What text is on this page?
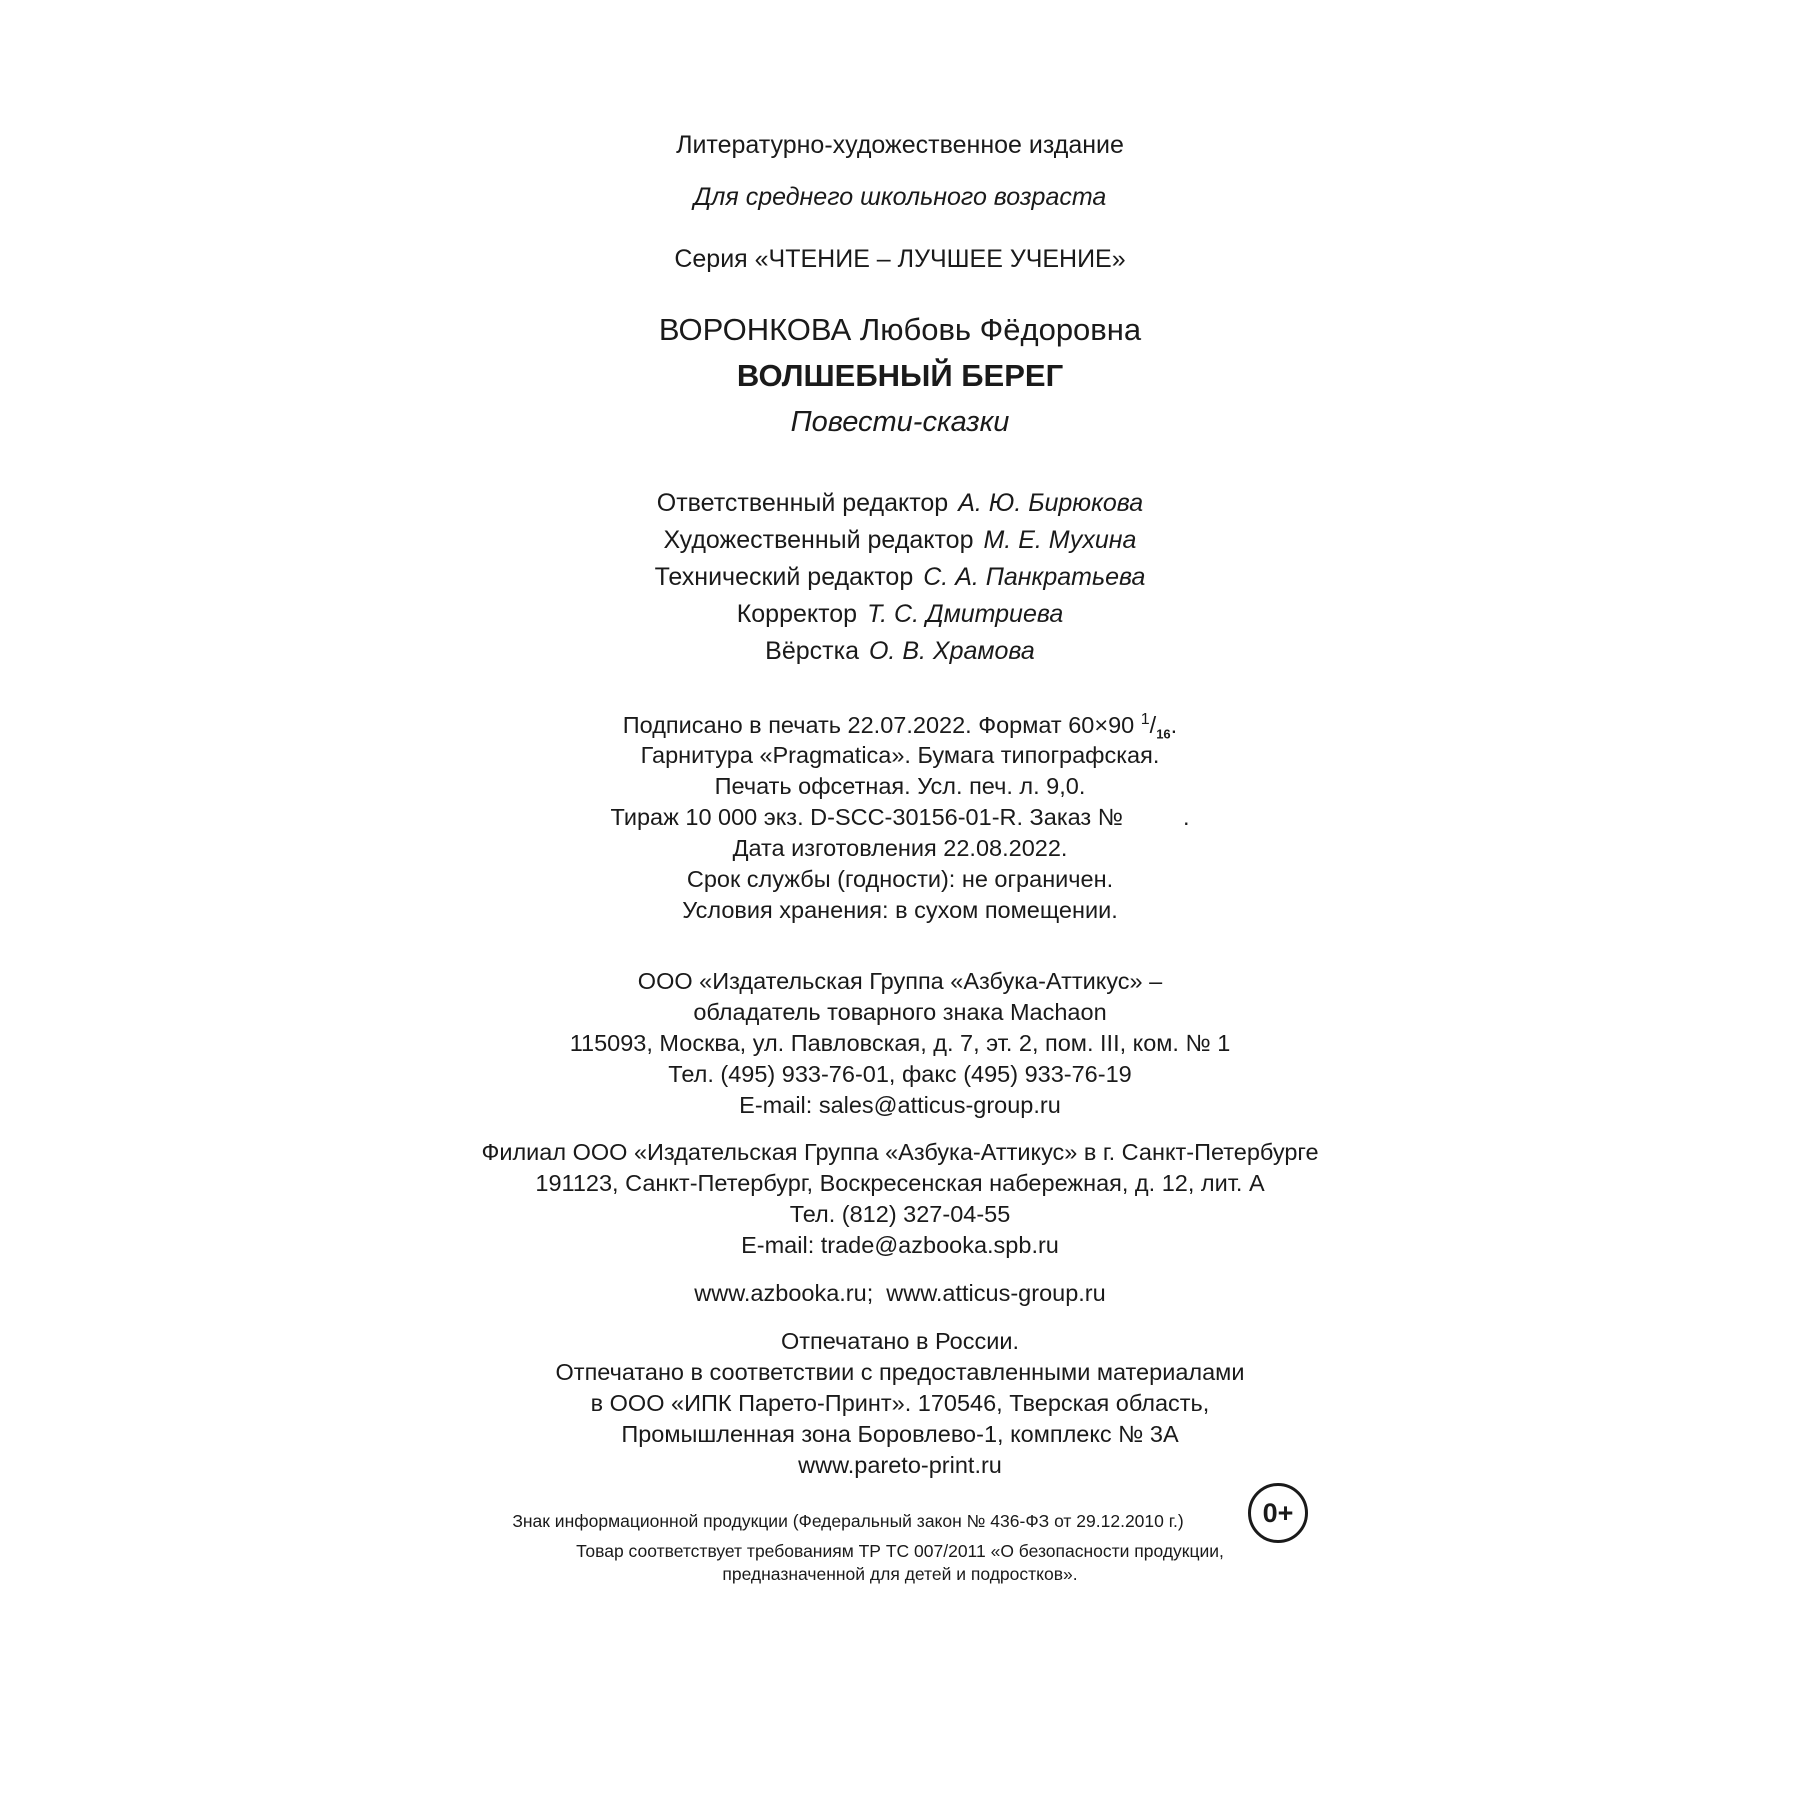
Литературно-художественное издание
Для среднего школьного возраста
Серия «ЧТЕНИЕ – ЛУЧШЕЕ УЧЕНИЕ»
ВОРОНКОВА Любовь Фёдоровна
ВОЛШЕБНЫЙ БЕРЕГ
Повести-сказки
Ответственный редактор А. Ю. Бирюкова
Художественный редактор М. Е. Мухина
Технический редактор С. А. Панкратьева
Корректор Т. С. Дмитриева
Вёрстка О. В. Храмова
Подписано в печать 22.07.2022. Формат 60×90 $^1/_{16}$.
Гарнитура «Pragmatica». Бумага типографская.
Печать офсетная. Усл. печ. л. 9,0.
Тираж 10 000 экз. D-SCC-30156-01-R. Заказ №	.
Дата изготовления 22.08.2022.
Срок службы (годности): не ограничен.
Условия хранения: в сухом помещении.
ООО «Издательская Группа «Азбука-Аттикус» –
обладатель товарного знака Machaon
115093, Москва, ул. Павловская, д. 7, эт. 2, пом. III, ком. № 1
Тел. (495) 933-76-01, факс (495) 933-76-19
E-mail: sales@atticus-group.ru
Филиал ООО «Издательская Группа «Азбука-Аттикус» в г. Санкт-Петербурге
191123, Санкт-Петербург, Воскресенская набережная, д. 12, лит. А
Тел. (812) 327-04-55
E-mail: trade@azbooka.spb.ru
www.azbooka.ru;  www.atticus-group.ru
Отпечатано в России.
Отпечатано в соответствии с предоставленными материалами
в ООО «ИПК Парето-Принт». 170546, Тверская область,
Промышленная зона Боровлево-1, комплекс № 3А
www.pareto-print.ru
Знак информационной продукции (Федеральный закон № 436-ФЗ от 29.12.2010 г.)	0+
Товар соответствует требованиям ТР ТС 007/2011 «О безопасности продукции,
предназначенной для детей и подростков».
